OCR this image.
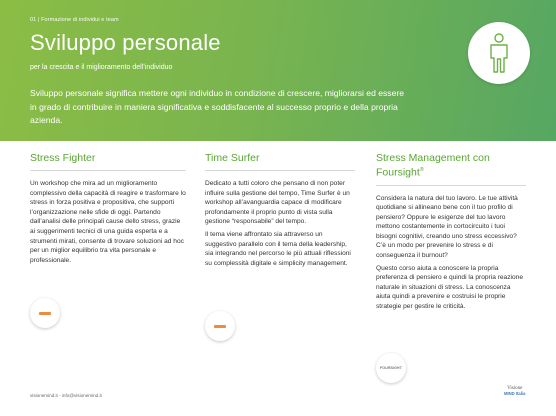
01 | Formazione di individui e team
Sviluppo personale
per la crescita e il miglioramento dell’individuo
Sviluppo personale significa mettere ogni individuo in condizione di crescere, migliorarsi ed essere in grado di contribuire in maniera significativa e soddisfacente al successo proprio e della propria azienda.
Stress Fighter

Un workshop che mira ad un miglioramento complessivo della capacità di reagire e trasformare lo stress in forza positiva e propositiva, che supporti l’organizzazione nelle sfide di oggi. Partendo dall’analisi delle principali cause dello stress, grazie ai suggerimenti tecnici di una guida esperta e a strumenti mirati, consente di trovare soluzioni ad hoc per un miglior equilibrio tra vita personale e professionale.

Time Surfer

Dedicato a tutti coloro che pensano di non poter influire sulla gestione del tempo, Time Surfer è un workshop all’avanguardia capace di modificare profondamente il proprio punto di vista sulla gestione “responsabile” del tempo.

Il tema viene affrontato sia attraverso un suggestivo parallelo con il tema della leadership, sia integrando nel percorso le più attuali riflessioni su complessità digitale e simplicity management.

Stress Management con Foursight®

Considera la natura del tuo lavoro. Le tue attività quotidiane si allineano bene con il tuo profilo di pensiero? Oppure le esigenze del tuo lavoro mettono costantemente in cortocircuito i tuoi bisogni cognitivi, creando uno stress eccessivo? C’è un modo per prevenire lo stress e di conseguenza il burnout?

Questo corso aiuta a conoscere la propria preferenza di pensiero e quindi la propria reazione naturale in situazioni di stress. La conoscenza aiuta quindi a prevenire e costruisi le proprie strategie per gestire le criticità.

FOURSIGHT
visionemind.it - info@visionemind.it
Visione
MIND Italia
